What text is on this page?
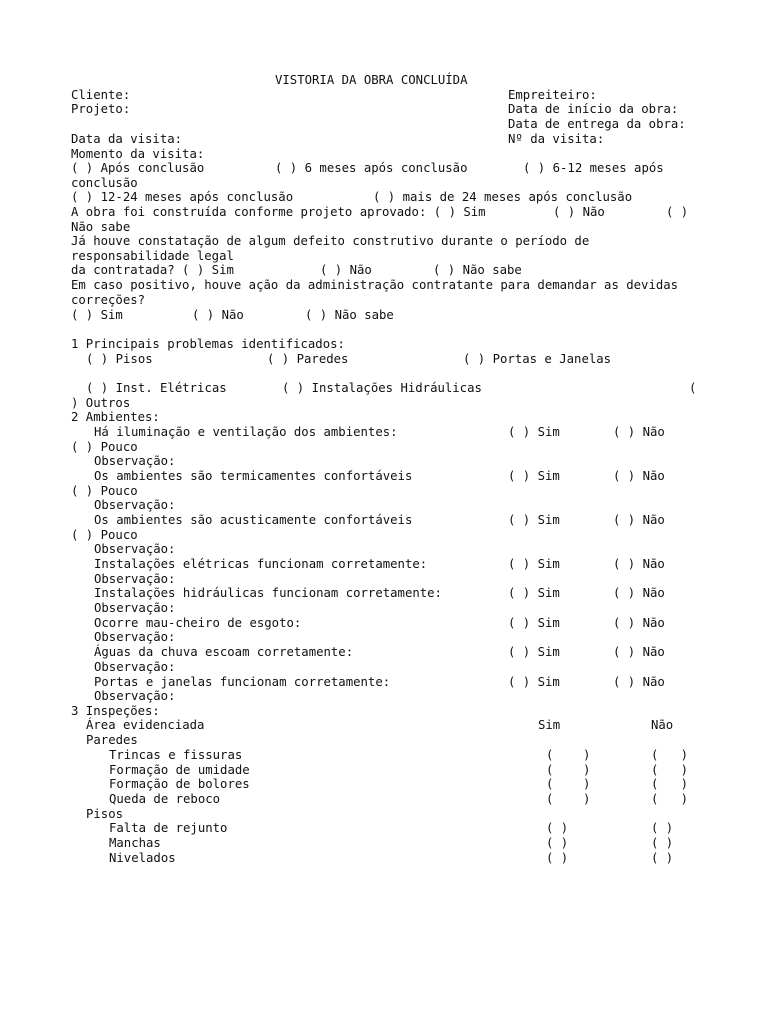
VISTORIA DA OBRA CONCLUÍDA
Cliente:	Empreiteiro:
Projeto:	Data de início da obra:
Data de entrega da obra:
Data da visita:	Nº da visita:
Momento da visita:
( ) Após conclusão	( ) 6 meses após conclusão	( ) 6-12 meses após
conclusão
( ) 12-24 meses após conclusão	( ) mais de 24 meses após conclusão
A obra foi construída conforme projeto aprovado: ( ) Sim	( ) Não	( )
Não sabe
Já houve constatação de algum defeito construtivo durante o período de
responsabilidade legal
da contratada? ( ) Sim	( ) Não	( ) Não sabe
Em caso positivo, houve ação da administração contratante para demandar as devidas
correções?
( ) Sim	( ) Não	( ) Não sabe
1 Principais problemas identificados:
( ) Pisos	( ) Paredes	( ) Portas e Janelas
( ) Inst. Elétricas	( ) Instalações Hidráulicas	(
) Outros
2 Ambientes:
Há iluminação e ventilação dos ambientes:	( ) Sim	( ) Não
( ) Pouco
Observação:
Os ambientes são termicamentes confortáveis	( ) Sim	( ) Não
( ) Pouco
Observação:
Os ambientes são acusticamente confortáveis	( ) Sim	( ) Não
( ) Pouco
Observação:
Instalações elétricas funcionam corretamente:	( ) Sim	( ) Não
Observação:
Instalações hidráulicas funcionam corretamente:	( ) Sim	( ) Não
Observação:
Ocorre mau-cheiro de esgoto:	( ) Sim	( ) Não
Observação:
Águas da chuva escoam corretamente:	( ) Sim	( ) Não
Observação:
Portas e janelas funcionam corretamente:	( ) Sim	( ) Não
Observação:
3 Inspeções:
Área evidenciada	Sim	Não
Paredes
Trincas e fissuras	(    )	(   )
Formação de umidade	(    )	(   )
Formação de bolores	(    )	(   )
Queda de reboco	(    )	(   )
Pisos
Falta de rejunto	( )	( )
Manchas	( )	( )
Nivelados	( )	( )
